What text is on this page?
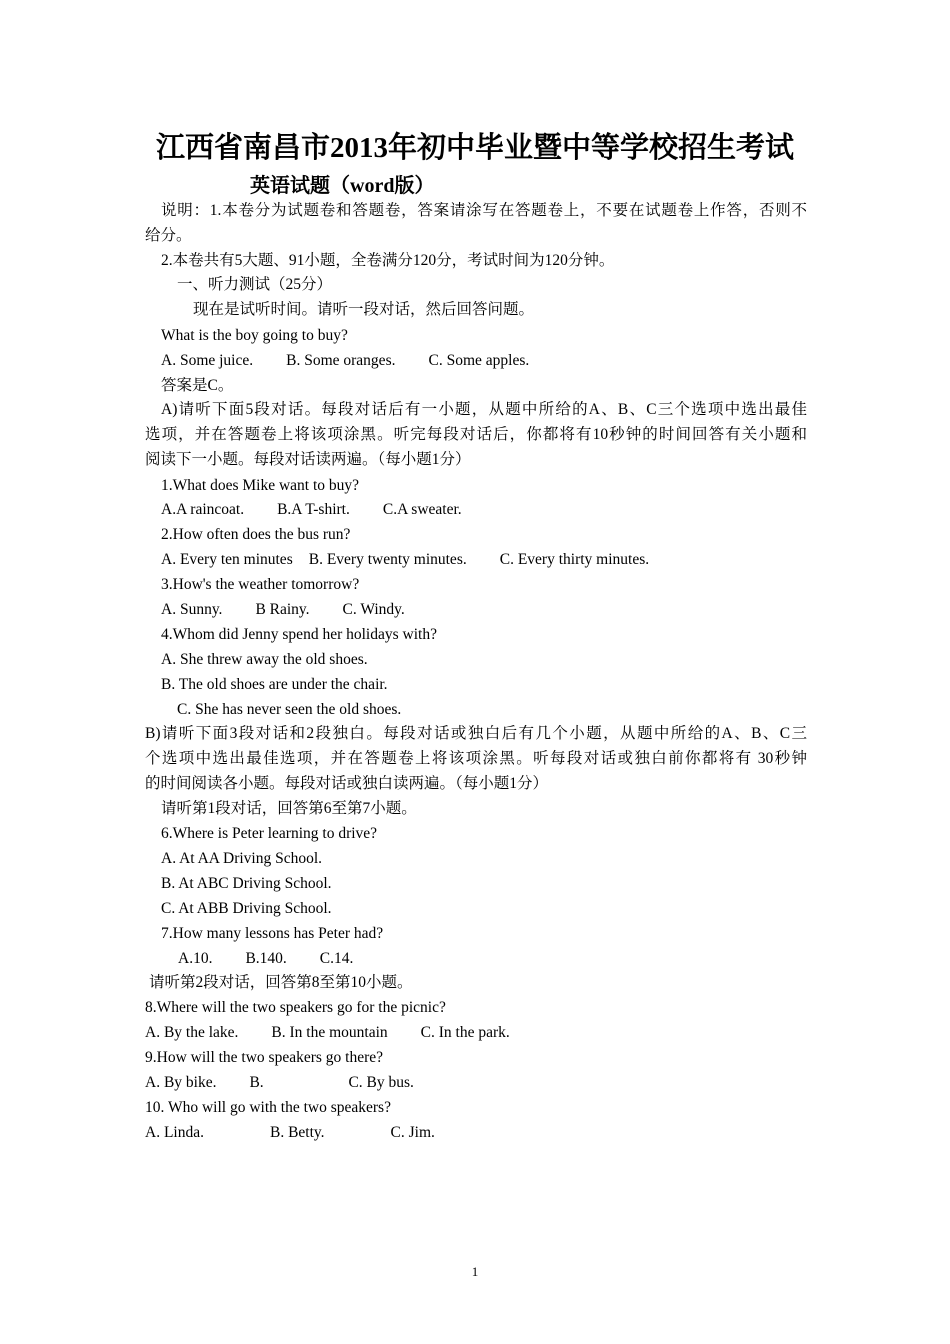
江西省南昌市2013年初中毕业暨中等学校招生考试
英语试题（word版）
说明：1.本卷分为试题卷和答题卷，答案请涂写在答题卷上，不要在试题卷上作答，否则不
给分。
2.本卷共有5大题、91小题，全卷满分120分，考试时间为120分钟。
一、听力测试（25分）
现在是试听时间。请听一段对话，然后回答问题。
What is the boy going to buy?
A. Some juice. B. Some oranges. C. Some apples.
答案是C。
A)请听下面5段对话。每段对话后有一小题，从题中所给的A、B、C三个选项中选出最佳
选项，并在答题卷上将该项涂黑。听完每段对话后，你都将有10秒钟的时间回答有关小题和
阅读下一小题。每段对话读两遍。（每小题1分）
1.What does Mike want to buy?
A.A raincoat. B.A T-shirt. C.A sweater.
2.How often does the bus run?
A. Every ten minutes B. Every twenty minutes. C. Every thirty minutes.
3.How's the weather tomorrow?
A. Sunny. B Rainy. C. Windy.
4.Whom did Jenny spend her holidays with?
A. She threw away the old shoes.
B. The old shoes are under the chair.
C. She has never seen the old shoes.
B)请听下面3段对话和2段独白。每段对话或独白后有几个小题，从题中所给的A、B、C三
个选项中选出最佳选项，并在答题卷上将该项涂黑。听每段对话或独白前你都将有 30秒钟
的时间阅读各小题。每段对话或独白读两遍。（每小题1分）
请听第1段对话，回答第6至第7小题。
6.Where is Peter learning to drive?
A. At AA Driving School.
B. At ABC Driving School.
C. At ABB Driving School.
7.How many lessons has Peter had?
A.10. B.140. C.14.
请听第2段对话，回答第8至第10小题。
8.Where will the two speakers go for the picnic?
A. By the lake. B. In the mountain C. In the park.
9.How will the two speakers go there?
A. By bike. B.	C. By bus.
10. Who will go with the two speakers?
A. Linda.	B. Betty.	C. Jim.
1
